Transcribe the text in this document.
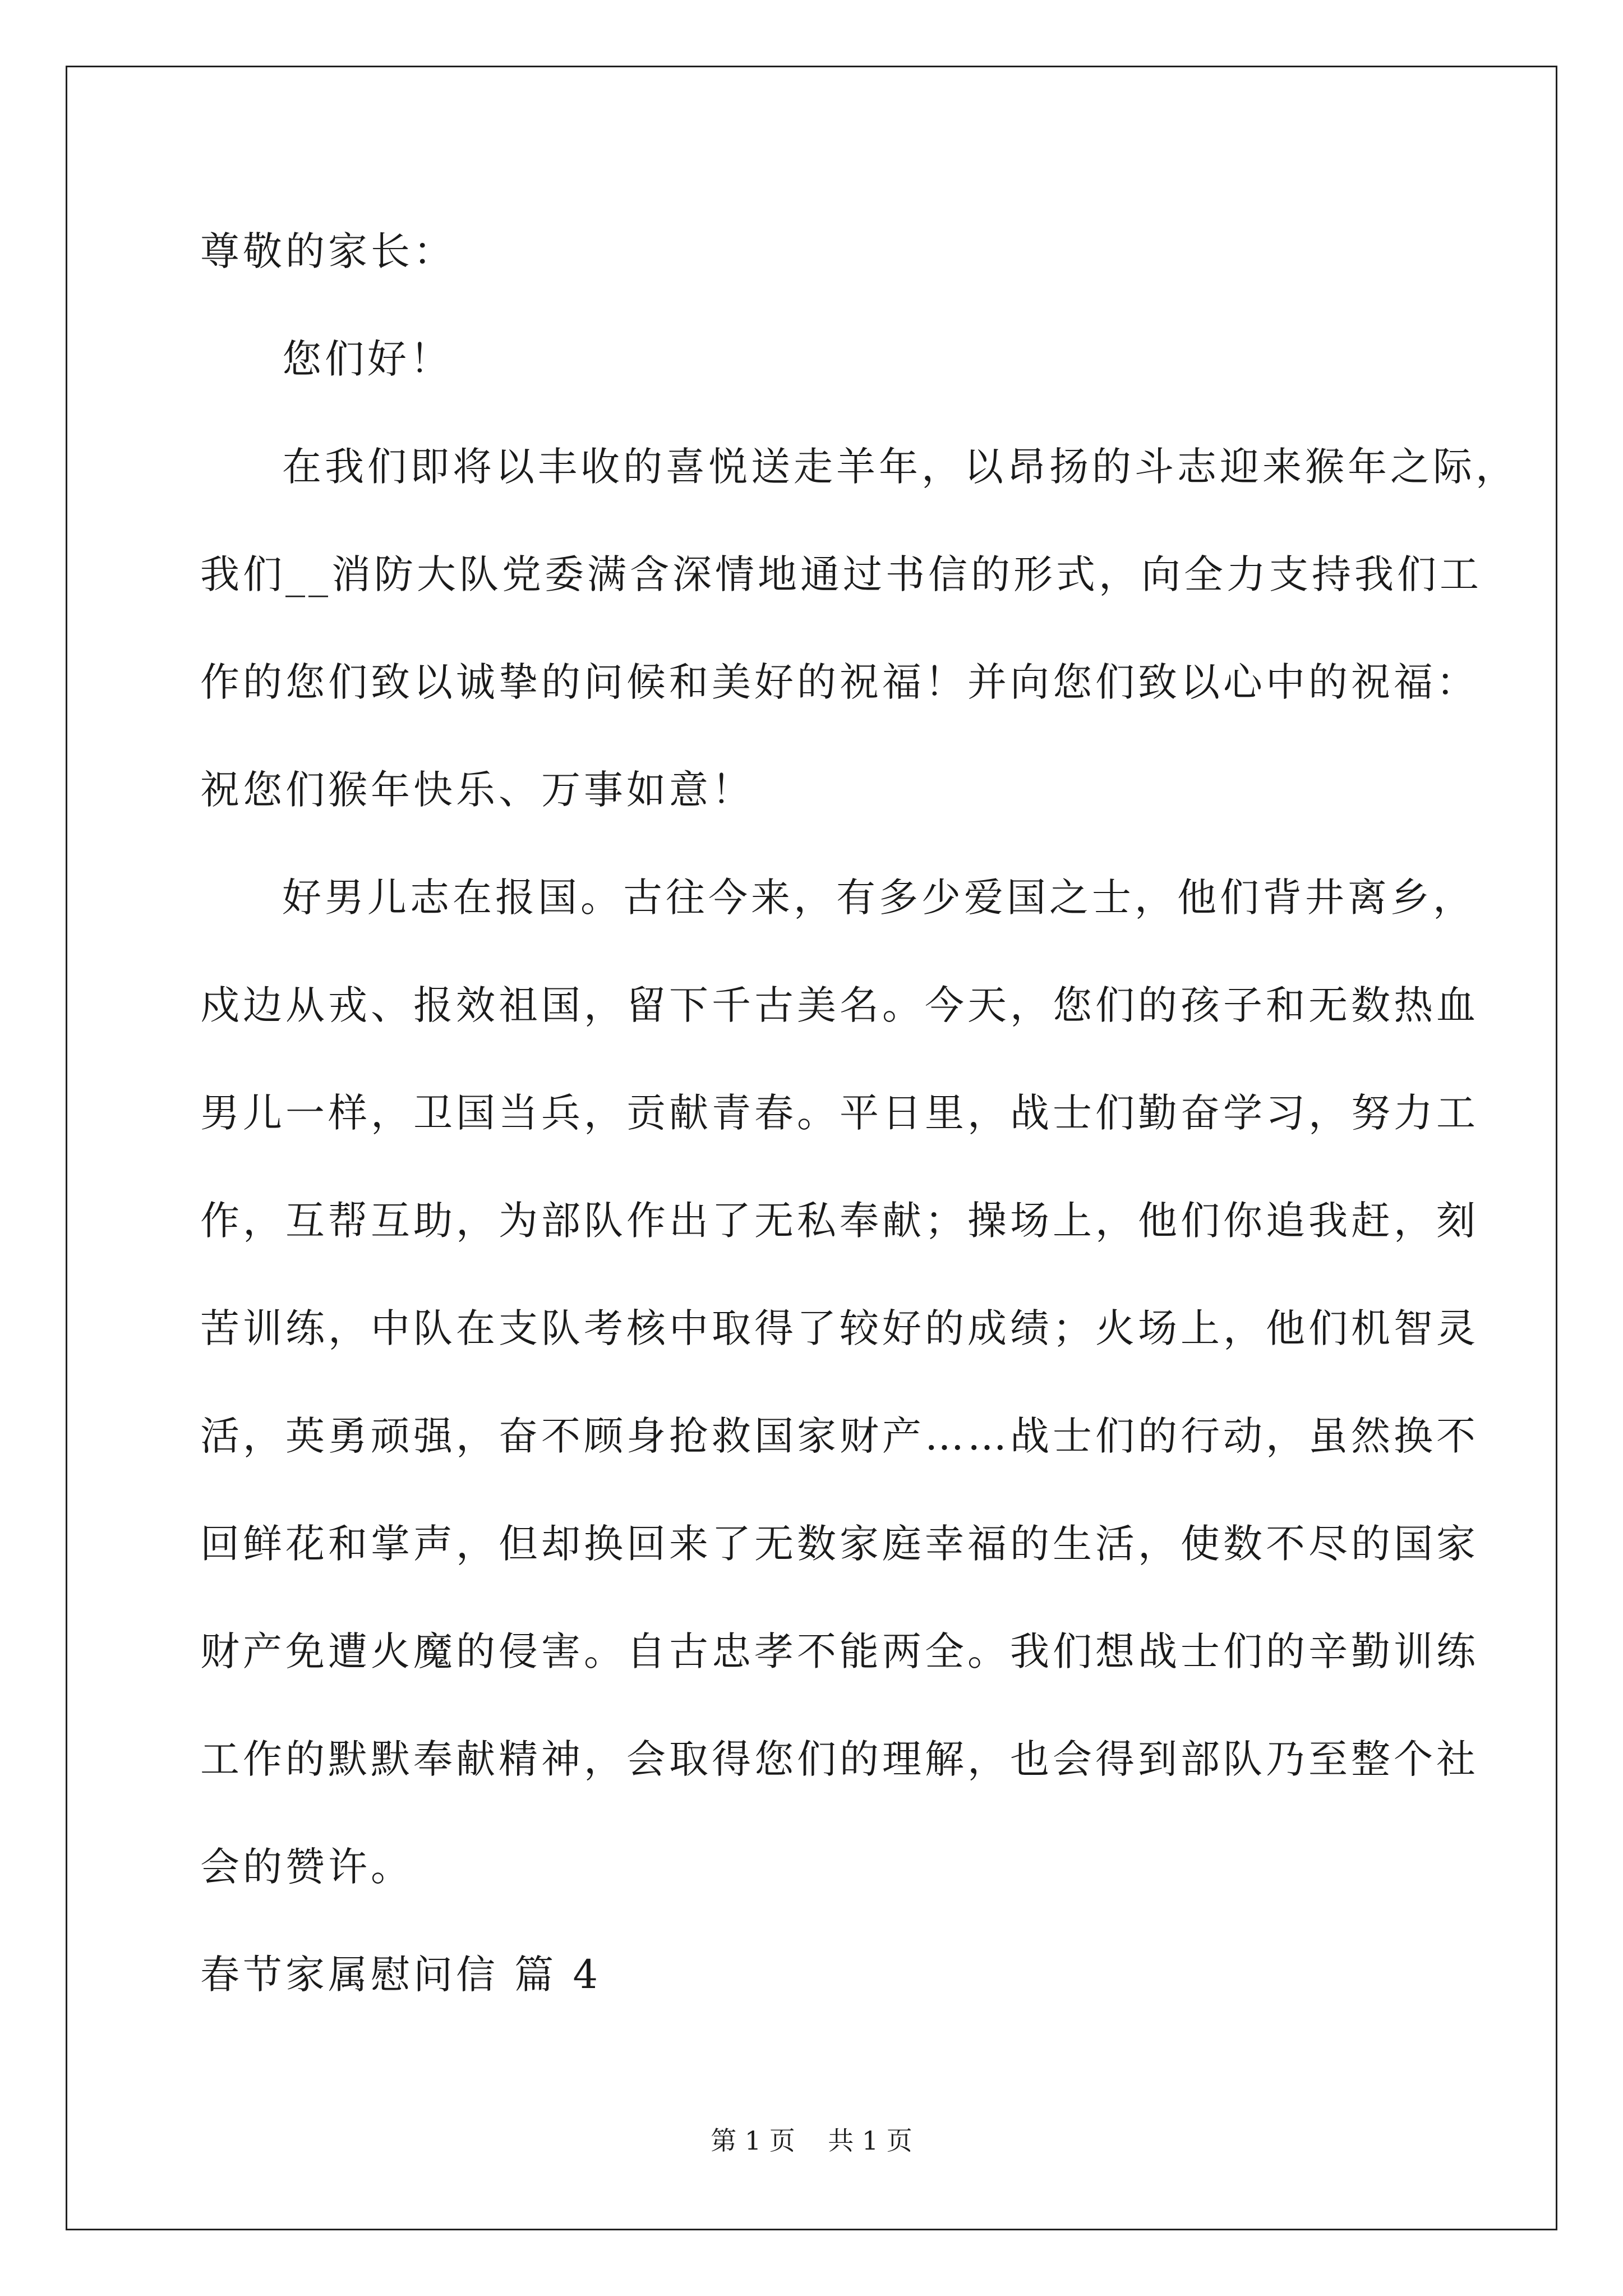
尊敬的家长：

您们好！

在我们即将以丰收的喜悦送走羊年，以昂扬的斗志迎来猴年之际，

我们__消防大队党委满含深情地通过书信的形式，向全力支持我们工

作的您们致以诚挚的问候和美好的祝福！并向您们致以心中的祝福：

祝您们猴年快乐、万事如意！

好男儿志在报国。古往今来，有多少爱国之士，他们背井离乡，

戍边从戎、报效祖国，留下千古美名。今天，您们的孩子和无数热血

男儿一样，卫国当兵，贡献青春。平日里，战士们勤奋学习，努力工

作，互帮互助，为部队作出了无私奉献；操场上，他们你追我赶，刻

苦训练，中队在支队考核中取得了较好的成绩；火场上，他们机智灵

活，英勇顽强，奋不顾身抢救国家财产……战士们的行动，虽然换不

回鲜花和掌声，但却换回来了无数家庭幸福的生活，使数不尽的国家

财产免遭火魔的侵害。自古忠孝不能两全。我们想战士们的辛勤训练

工作的默默奉献精神，会取得您们的理解，也会得到部队乃至整个社

会的赞许。

春节家属慰问信 篇 4

第 1 页    共 1 页
